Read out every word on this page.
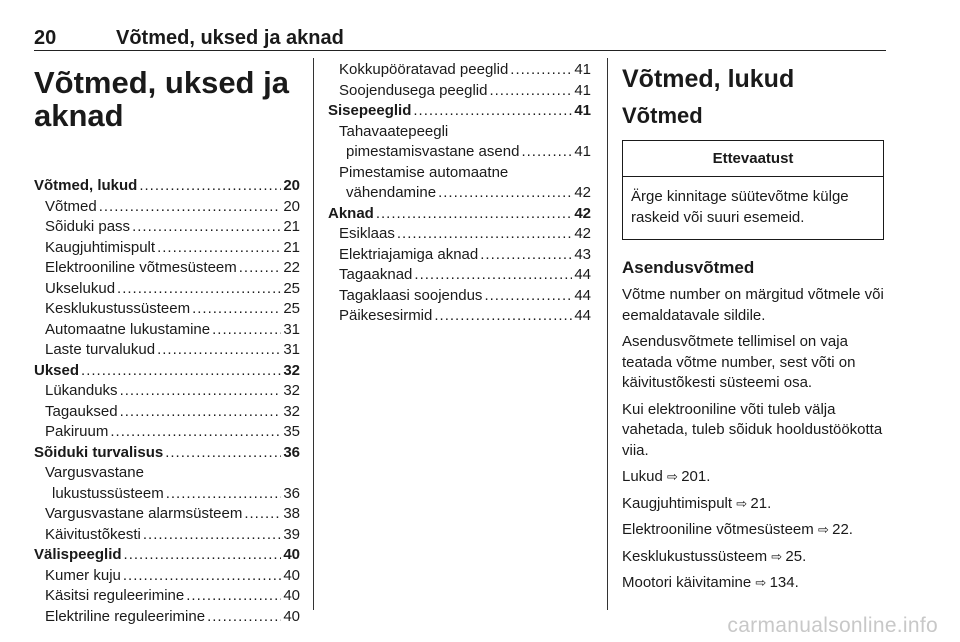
20	Võtmed, uksed ja aknad
Võtmed, uksed ja
aknad
Võtmed, lukud .....	20
Võtmed .....	20
Sõiduki pass .....	21
Kaugjuhtimispult .....	21
Elektrooniline võtmesüsteem .....	22
Ukselukud .....	25
Kesklukustussüsteem .....	25
Automaatne lukustamine .....	31
Laste turvalukud .....	31
Uksed .....	32
Lükanduks .....	32
Tagauksed .....	32
Pakiruum .....	35
Sõiduki turvalisus .....	36
Vargusvastane
lukustussüsteem .....	36
Vargusvastane alarmsüsteem .....	38
Käivitustõkesti .....	39
Välispeeglid .....	40
Kumer kuju .....	40
Käsitsi reguleerimine .....	40
Elektriline reguleerimine .....	40
Kokkupööratavad peeglid .....	41
Soojendusega peeglid .....	41
Sisepeeglid .....	41
Tahavaatepeegli
pimestamisvastane asend .....	41
Pimestamise automaatne
vähendamine .....	42
Aknad .....	42
Esiklaas .....	42
Elektriajamiga aknad .....	43
Tagaaknad .....	44
Tagaklaasi soojendus .....	44
Päikesesirmid .....	44
Võtmed, lukud
Võtmed
Ettevaatust
Ärge kinnitage süütevõtme külge raskeid või suuri esemeid.
Asendusvõtmed
Võtme number on märgitud võtmele või eemaldatavale sildile.
Asendusvõtmete tellimisel on vaja teatada võtme number, sest võti on käivitustõkesti süsteemi osa.
Kui elektrooniline võti tuleb välja vahetada, tuleb sõiduk hooldustöökotta viia.
Lukud ⇨ 201.
Kaugjuhtimispult ⇨ 21.
Elektrooniline võtmesüsteem ⇨ 22.
Kesklukustussüsteem ⇨ 25.
Mootori käivitamine ⇨ 134.
carmanualsonline.info
